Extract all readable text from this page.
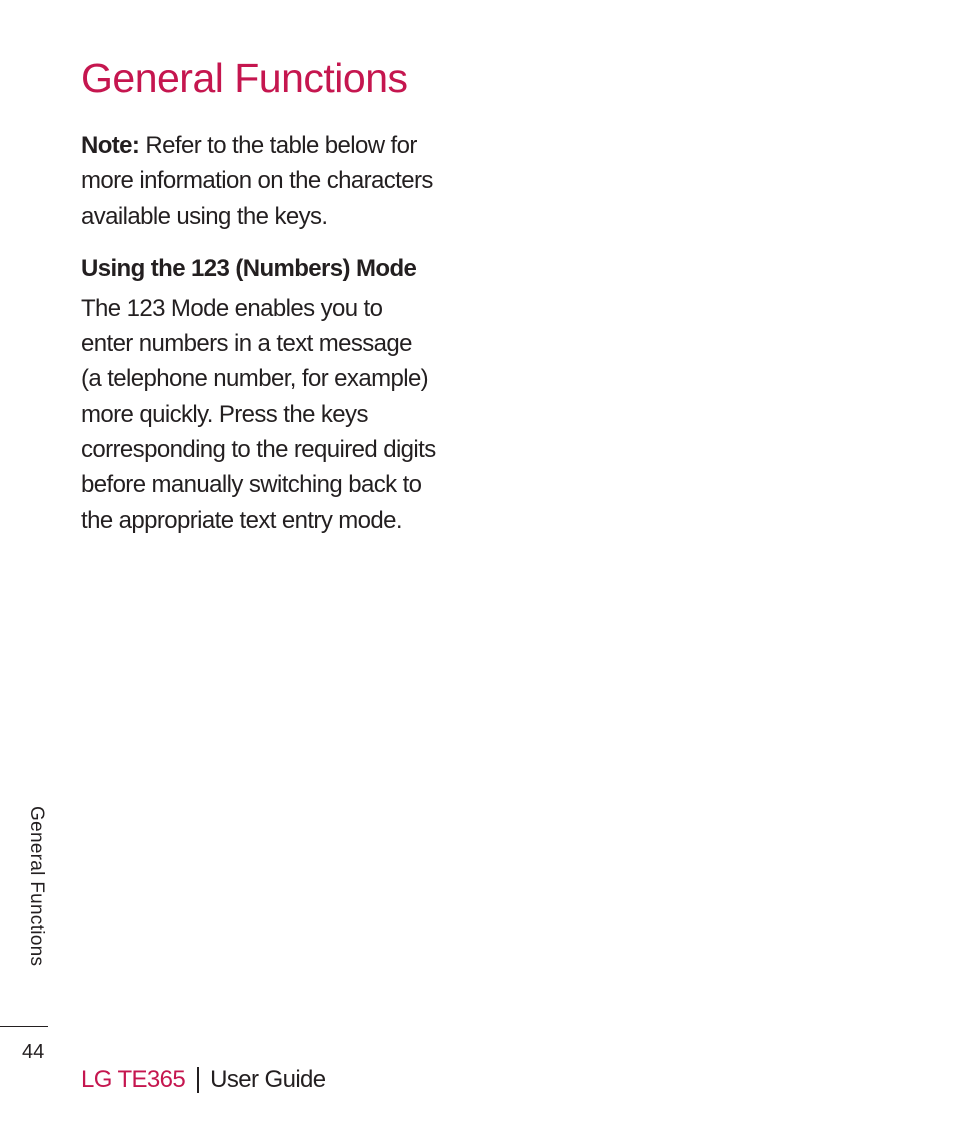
General Functions

Note: Refer to the table below for
more information on the characters
available using the keys.

Using the 123 (Numbers) Mode

The 123 Mode enables you to
enter numbers in a text message
(a telephone number, for example)
more quickly. Press the keys
corresponding to the required digits
before manually switching back to
the appropriate text entry mode.

General Functions
44
LG TE365 User Guide
